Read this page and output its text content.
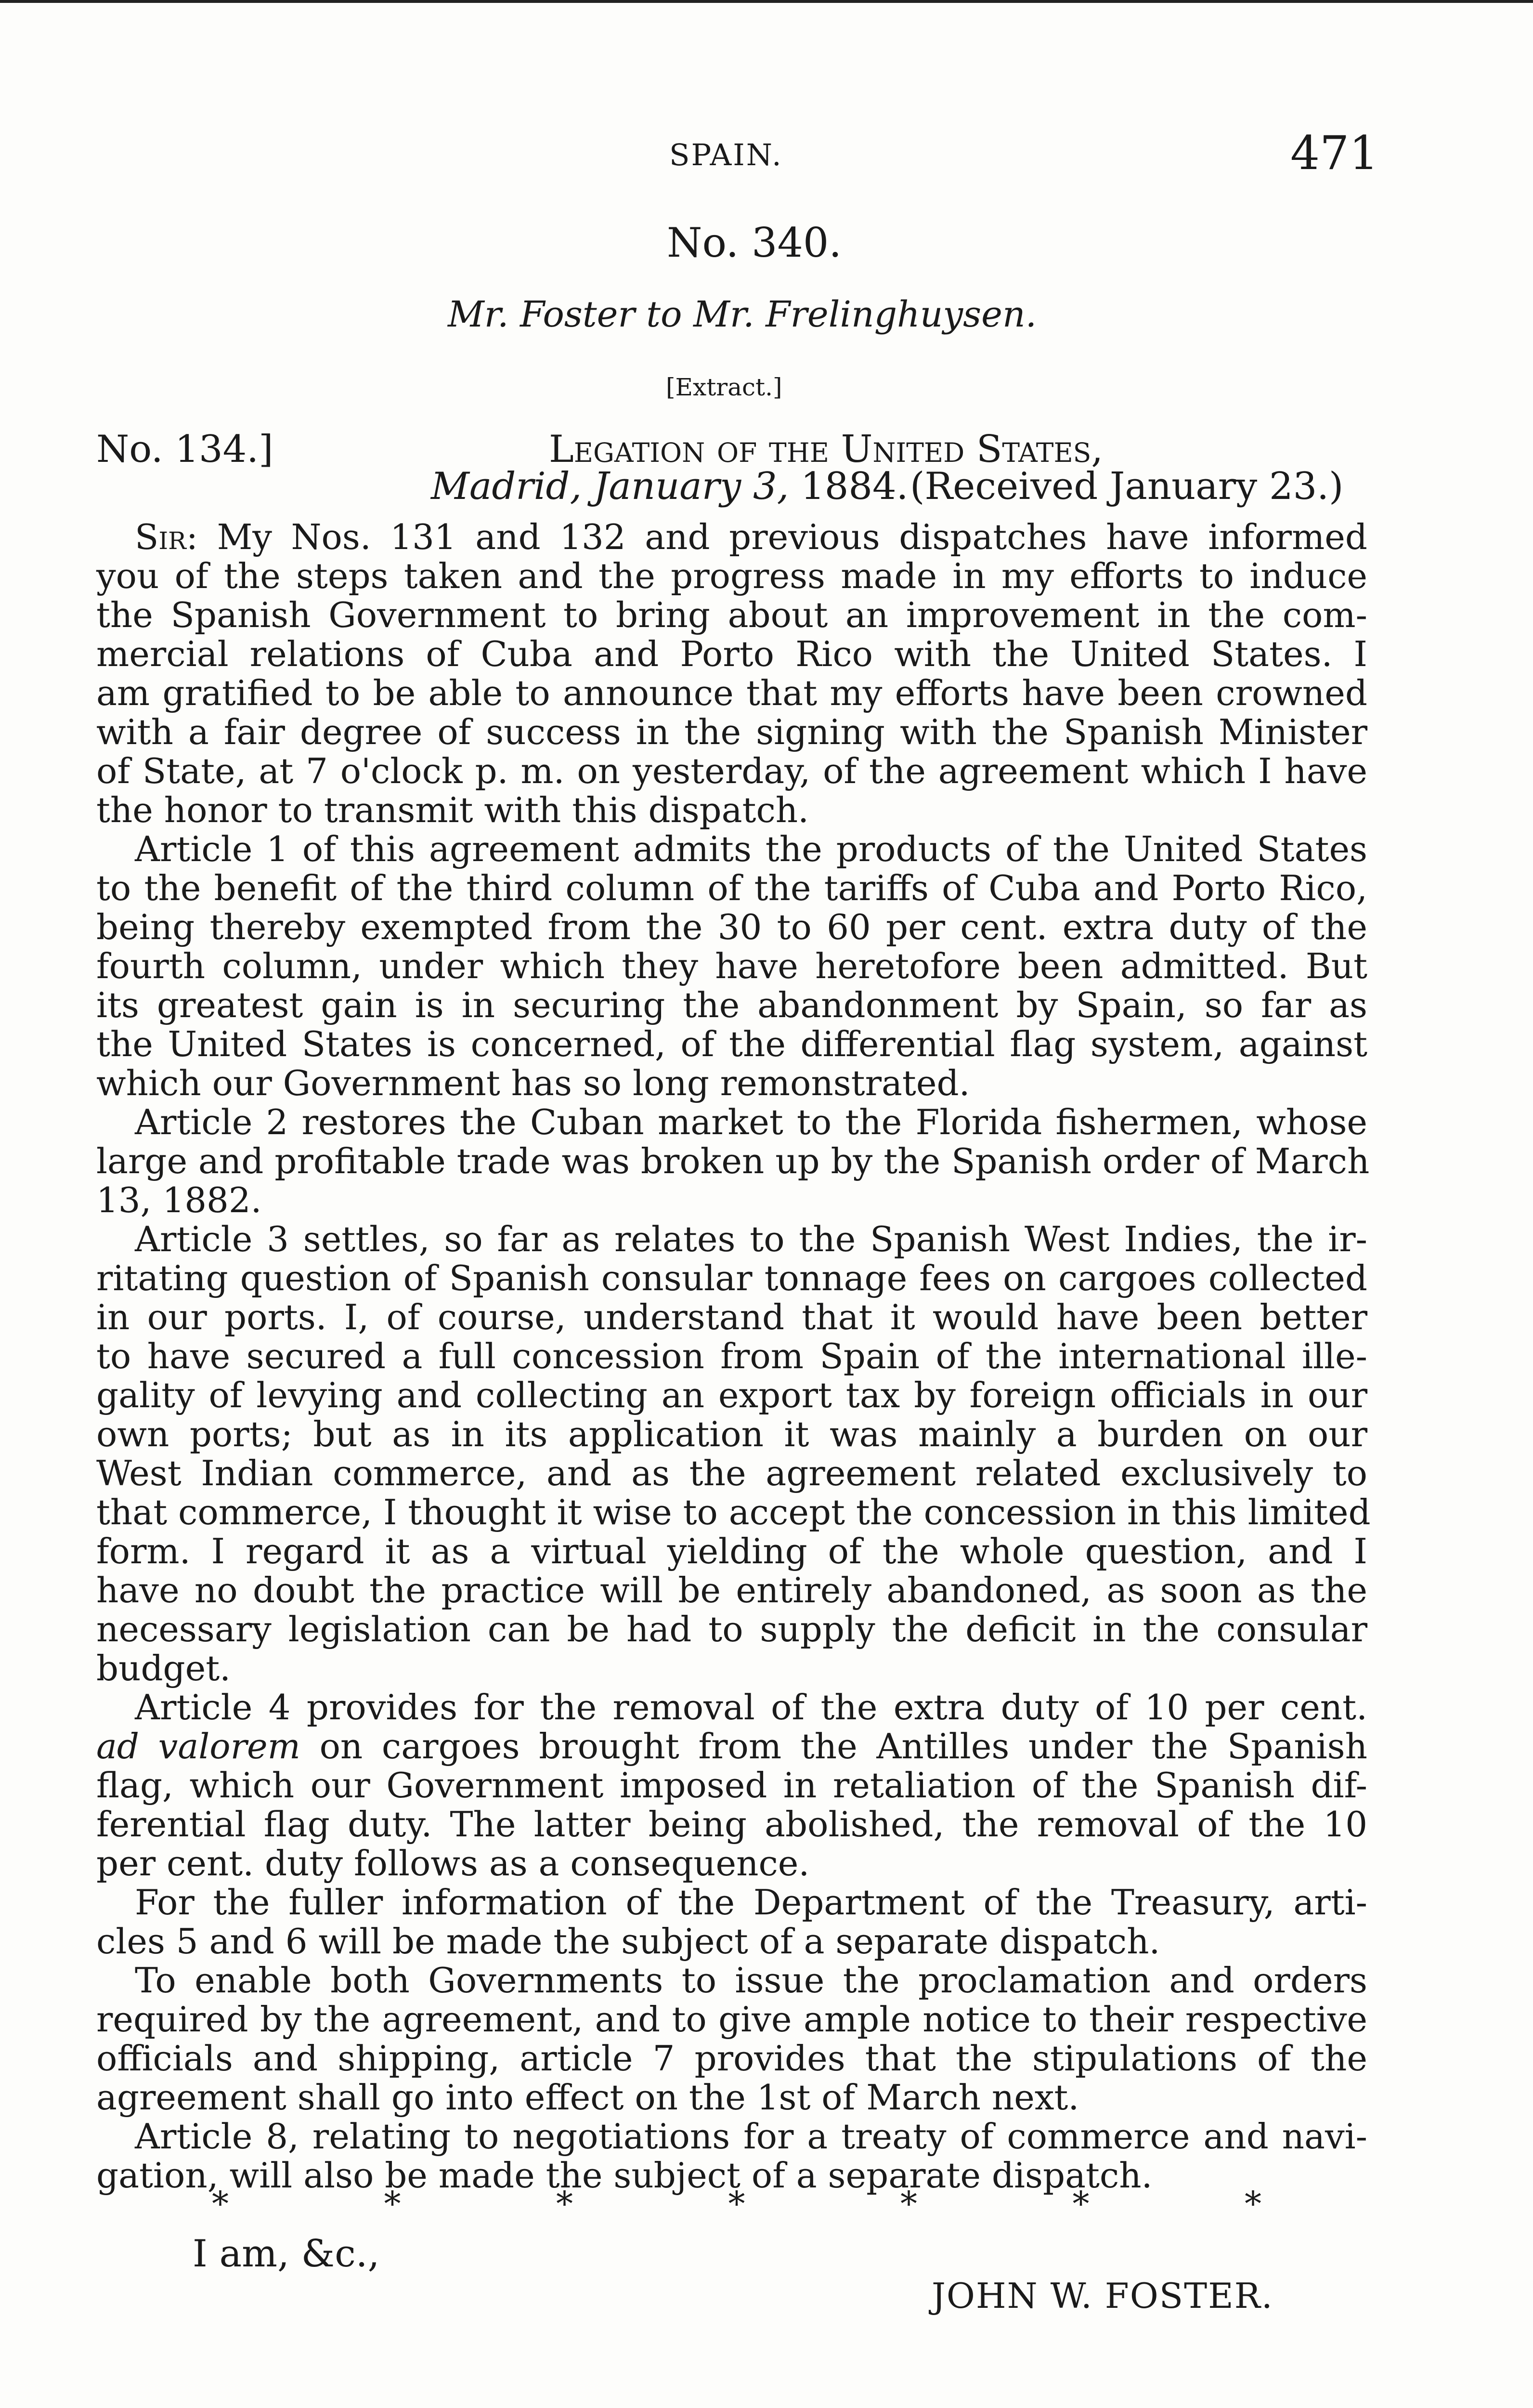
SPAIN.	471
No. 340.
Mr. Foster to Mr. Frelinghuysen.
[Extract.]
No. 134.]	Legation of the United States,
Madrid, January 3, 1884. (Received January 23.)
Sir: My Nos. 131 and 132 and previous dispatches have informed
you of the steps taken and the progress made in my efforts to induce
the Spanish Government to bring about an improvement in the com-
mercial relations of Cuba and Porto Rico with the United States. I
am gratified to be able to announce that my efforts have been crowned
with a fair degree of success in the signing with the Spanish Minister
of State, at 7 o'clock p. m. on yesterday, of the agreement which I have
the honor to transmit with this dispatch.
Article 1 of this agreement admits the products of the United States
to the benefit of the third column of the tariffs of Cuba and Porto Rico,
being thereby exempted from the 30 to 60 per cent. extra duty of the
fourth column, under which they have heretofore been admitted. But
its greatest gain is in securing the abandonment by Spain, so far as
the United States is concerned, of the differential flag system, against
which our Government has so long remonstrated.
Article 2 restores the Cuban market to the Florida fishermen, whose
large and profitable trade was broken up by the Spanish order of March
13, 1882.
Article 3 settles, so far as relates to the Spanish West Indies, the ir-
ritating question of Spanish consular tonnage fees on cargoes collected
in our ports. I, of course, understand that it would have been better
to have secured a full concession from Spain of the international ille-
gality of levying and collecting an export tax by foreign officials in our
own ports; but as in its application it was mainly a burden on our
West Indian commerce, and as the agreement related exclusively to
that commerce, I thought it wise to accept the concession in this limited
form. I regard it as a virtual yielding of the whole question, and I
have no doubt the practice will be entirely abandoned, as soon as the
necessary legislation can be had to supply the deficit in the consular
budget.
Article 4 provides for the removal of the extra duty of 10 per cent.
ad valorem on cargoes brought from the Antilles under the Spanish
flag, which our Government imposed in retaliation of the Spanish dif-
ferential flag duty. The latter being abolished, the removal of the 10
per cent. duty follows as a consequence.
For the fuller information of the Department of the Treasury, arti-
cles 5 and 6 will be made the subject of a separate dispatch.
To enable both Governments to issue the proclamation and orders
required by the agreement, and to give ample notice to their respective
officials and shipping, article 7 provides that the stipulations of the
agreement shall go into effect on the 1st of March next.
Article 8, relating to negotiations for a treaty of commerce and navi-
gation, will also be made the subject of a separate dispatch.
*	*	*	*	*	*	*
I am, &c.,
JOHN W. FOSTER.
